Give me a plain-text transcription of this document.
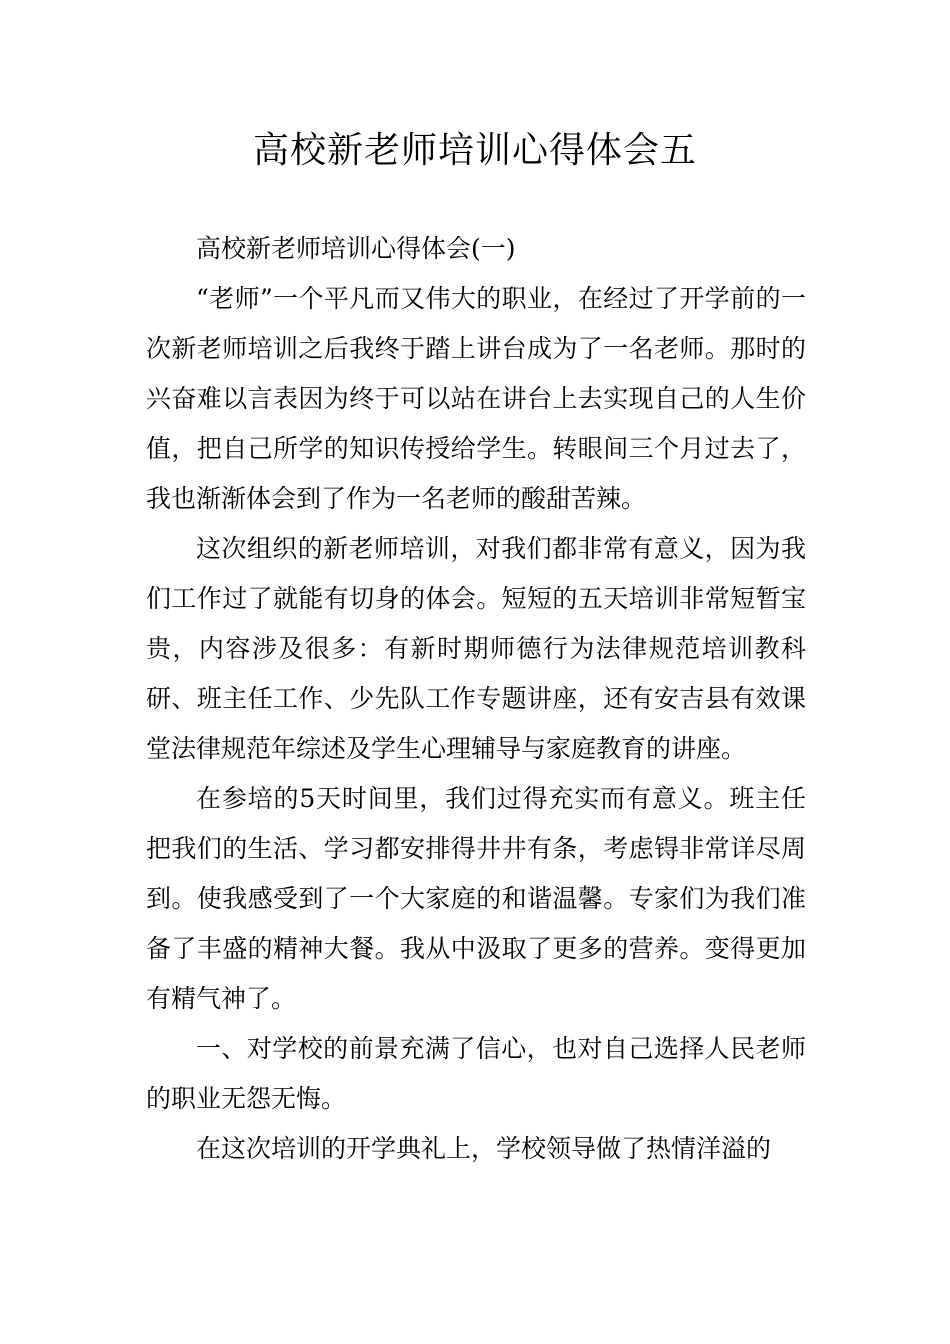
高校新老师培训心得体会五

高校新老师培训心得体会(一)

“老师”一个平凡而又伟大的职业，在经过了开学前的一次新老师培训之后我终于踏上讲台成为了一名老师。那时的兴奋难以言表因为终于可以站在讲台上去实现自己的人生价值，把自己所学的知识传授给学生。转眼间三个月过去了，我也渐渐体会到了作为一名老师的酸甜苦辣。

这次组织的新老师培训，对我们都非常有意义，因为我们工作过了就能有切身的体会。短短的五天培训非常短暂宝贵，内容涉及很多：有新时期师德行为法律规范培训教科研、班主任工作、少先队工作专题讲座，还有安吉县有效课堂法律规范年综述及学生心理辅导与家庭教育的讲座。

在参培的5天时间里，我们过得充实而有意义。班主任把我们的生活、学习都安排得井井有条，考虑锝非常详尽周到。使我感受到了一个大家庭的和谐温馨。专家们为我们准备了丰盛的精神大餐。我从中汲取了更多的营养。变得更加有精气神了。

一、对学校的前景充满了信心，也对自己选择人民老师的职业无怨无悔。

在这次培训的开学典礼上，学校领导做了热情洋溢的
